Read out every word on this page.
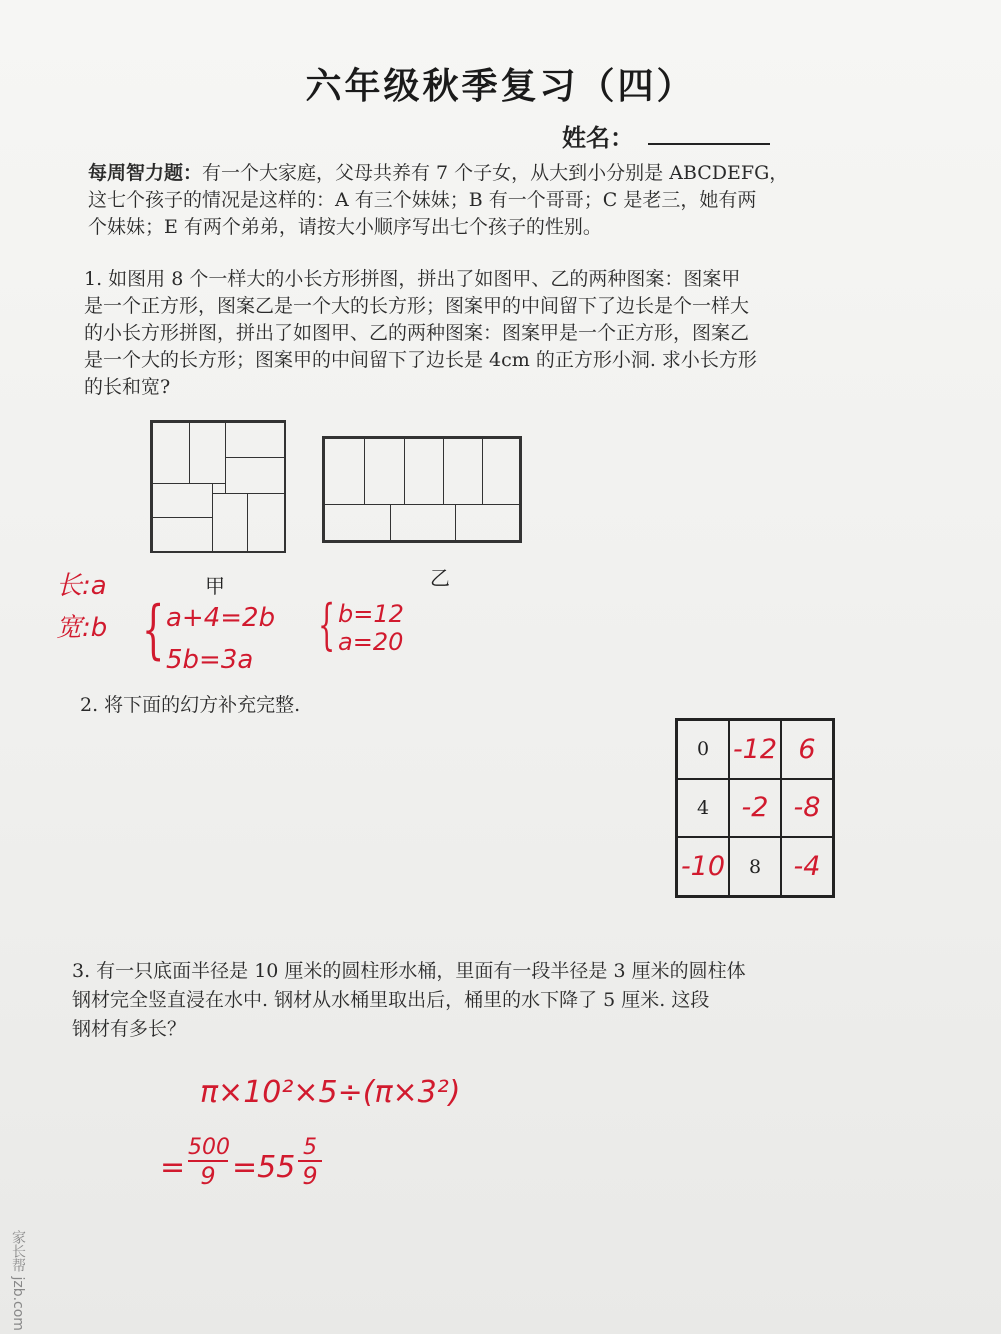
六年级秋季复习（四）
姓名：
每周智力题：有一个大家庭，父母共养有 7 个子女，从大到小分别是 ABCDEFG，
这七个孩子的情况是这样的：A 有三个妹妹；B 有一个哥哥；C 是老三，她有两
个妹妹；E 有两个弟弟，请按大小顺序写出七个孩子的性别。
1. 如图用 8 个一样大的小长方形拼图，拼出了如图甲、乙的两种图案：图案甲
是一个正方形，图案乙是一个大的长方形；图案甲的中间留下了边长是个一样大
的小长方形拼图，拼出了如图甲、乙的两种图案：图案甲是一个正方形，图案乙
是一个大的长方形；图案甲的中间留下了边长是 4cm 的正方形小洞. 求小长方形
的长和宽?
甲	乙
长:a
宽:b { a+4=2b
5b=3a
{ b=12
a=20
2. 将下面的幻方补充完整.
0 -12 6
4	-2 -8
-10	8	-4
3. 有一只底面半径是 10 厘米的圆柱形水桶，里面有一段半径是 3 厘米的圆柱体
钢材完全竖直浸在水中. 钢材从水桶里取出后，桶里的水下降了 5 厘米. 这段
钢材有多长？
π×10²×5÷(π×3²)
= $\frac{500}{9} =55 \frac{5}{9}$
家长帮 jzb.com
